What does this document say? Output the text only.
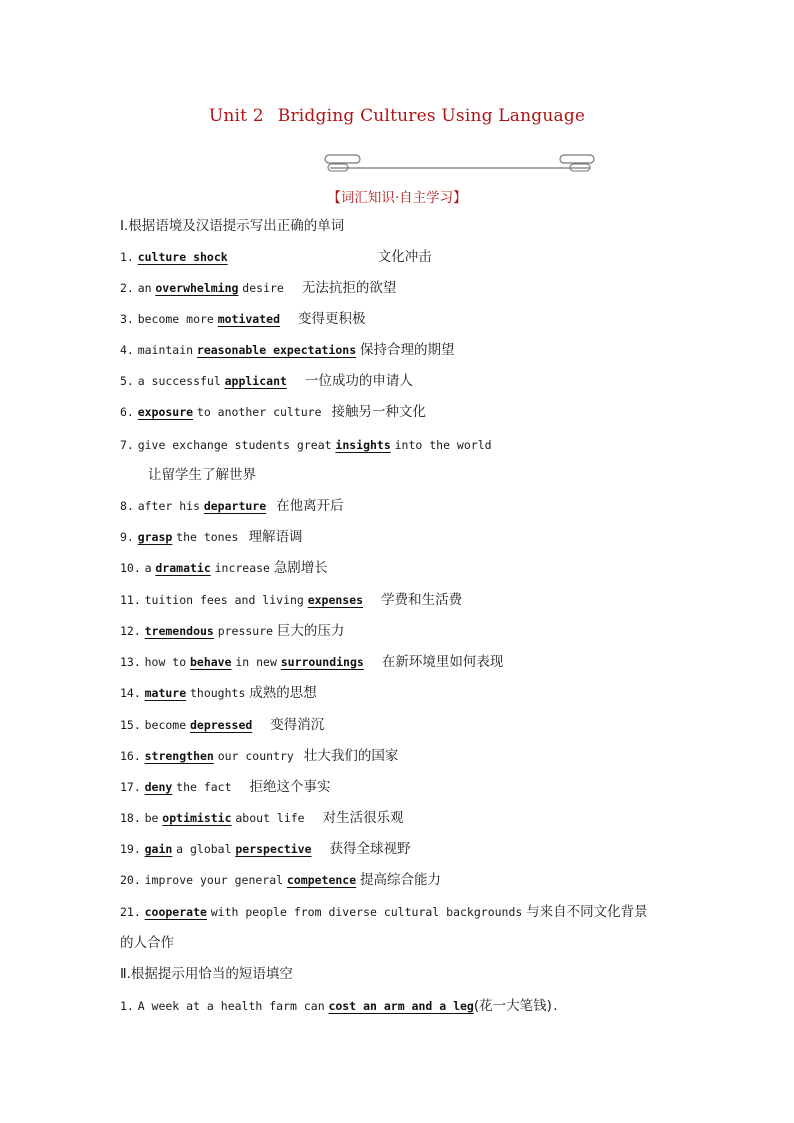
Unit 2 Bridging Cultures Using Language
【词汇知识·自主学习】
Ⅰ.根据语境及汉语提示写出正确的单词
1. culture shock	文化冲击
2. an overwhelming desire 无法抗拒的欲望
3. become more motivated 变得更积极
4. maintain reasonable expectations 保持合理的期望
5. a successful applicant 一位成功的申请人
6. exposure to another culture 接触另一种文化
7. give exchange students great insights into the world
让留学生了解世界
8. after his departure 在他离开后
9. grasp the tones 理解语调
10. a dramatic increase 急剧增长
11. tuition fees and living expenses 学费和生活费
12. tremendous pressure 巨大的压力
13. how to behave in new surroundings 在新环境里如何表现
14. mature thoughts 成熟的思想
15. become depressed 变得消沉
16. strengthen our country 壮大我们的国家
17. deny the fact 拒绝这个事实
18. be optimistic about life 对生活很乐观
19. gain a global perspective 获得全球视野
20. improve your general competence 提高综合能力
21. cooperate with people from diverse cultural backgrounds 与来自不同文化背景
的人合作
Ⅱ.根据提示用恰当的短语填空
1. A week at a health farm can cost an arm and a leg(花一大笔钱).
